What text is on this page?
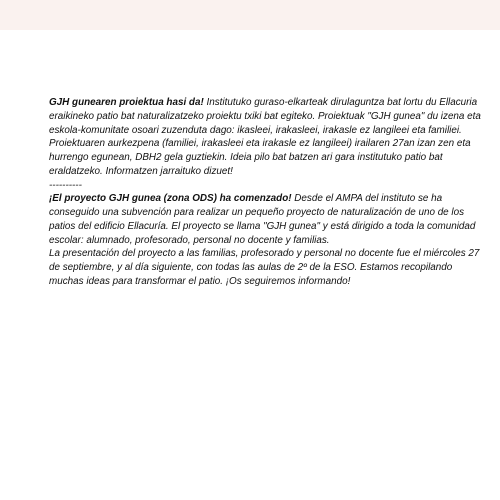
GJH gunearen proiektua hasi da! Institutuko guraso-elkarteak dirulaguntza bat lortu du Ellacuria eraikineko patio bat naturalizatzeko proiektu txiki bat egiteko. Proiektuak "GJH gunea" du izena eta eskola-komunitate osoari zuzenduta dago: ikasleei, irakasleei, irakasle ez langileei eta familiei.

Proiektuaren aurkezpena (familiei, irakasleei eta irakasle ez langileei) irailaren 27an izan zen eta hurrengo egunean, DBH2 gela guztiekin. Ideia pilo bat batzen ari gara institutuko patio bat eraldatzeko. Informatzen jarraituko dizuet!

----------

¡El proyecto GJH gunea (zona ODS) ha comenzado! Desde el AMPA del instituto se ha conseguido una subvención para realizar un pequeño proyecto de naturalización de uno de los patios del edificio Ellacuría. El proyecto se llama "GJH gunea" y está dirigido a toda la comunidad escolar: alumnado, profesorado, personal no docente y familias.

La presentación del proyecto a las familias, profesorado y personal no docente fue el miércoles 27 de septiembre, y al día siguiente, con todas las aulas de 2º de la ESO. Estamos recopilando muchas ideas para transformar el patio. ¡Os seguiremos informando!
